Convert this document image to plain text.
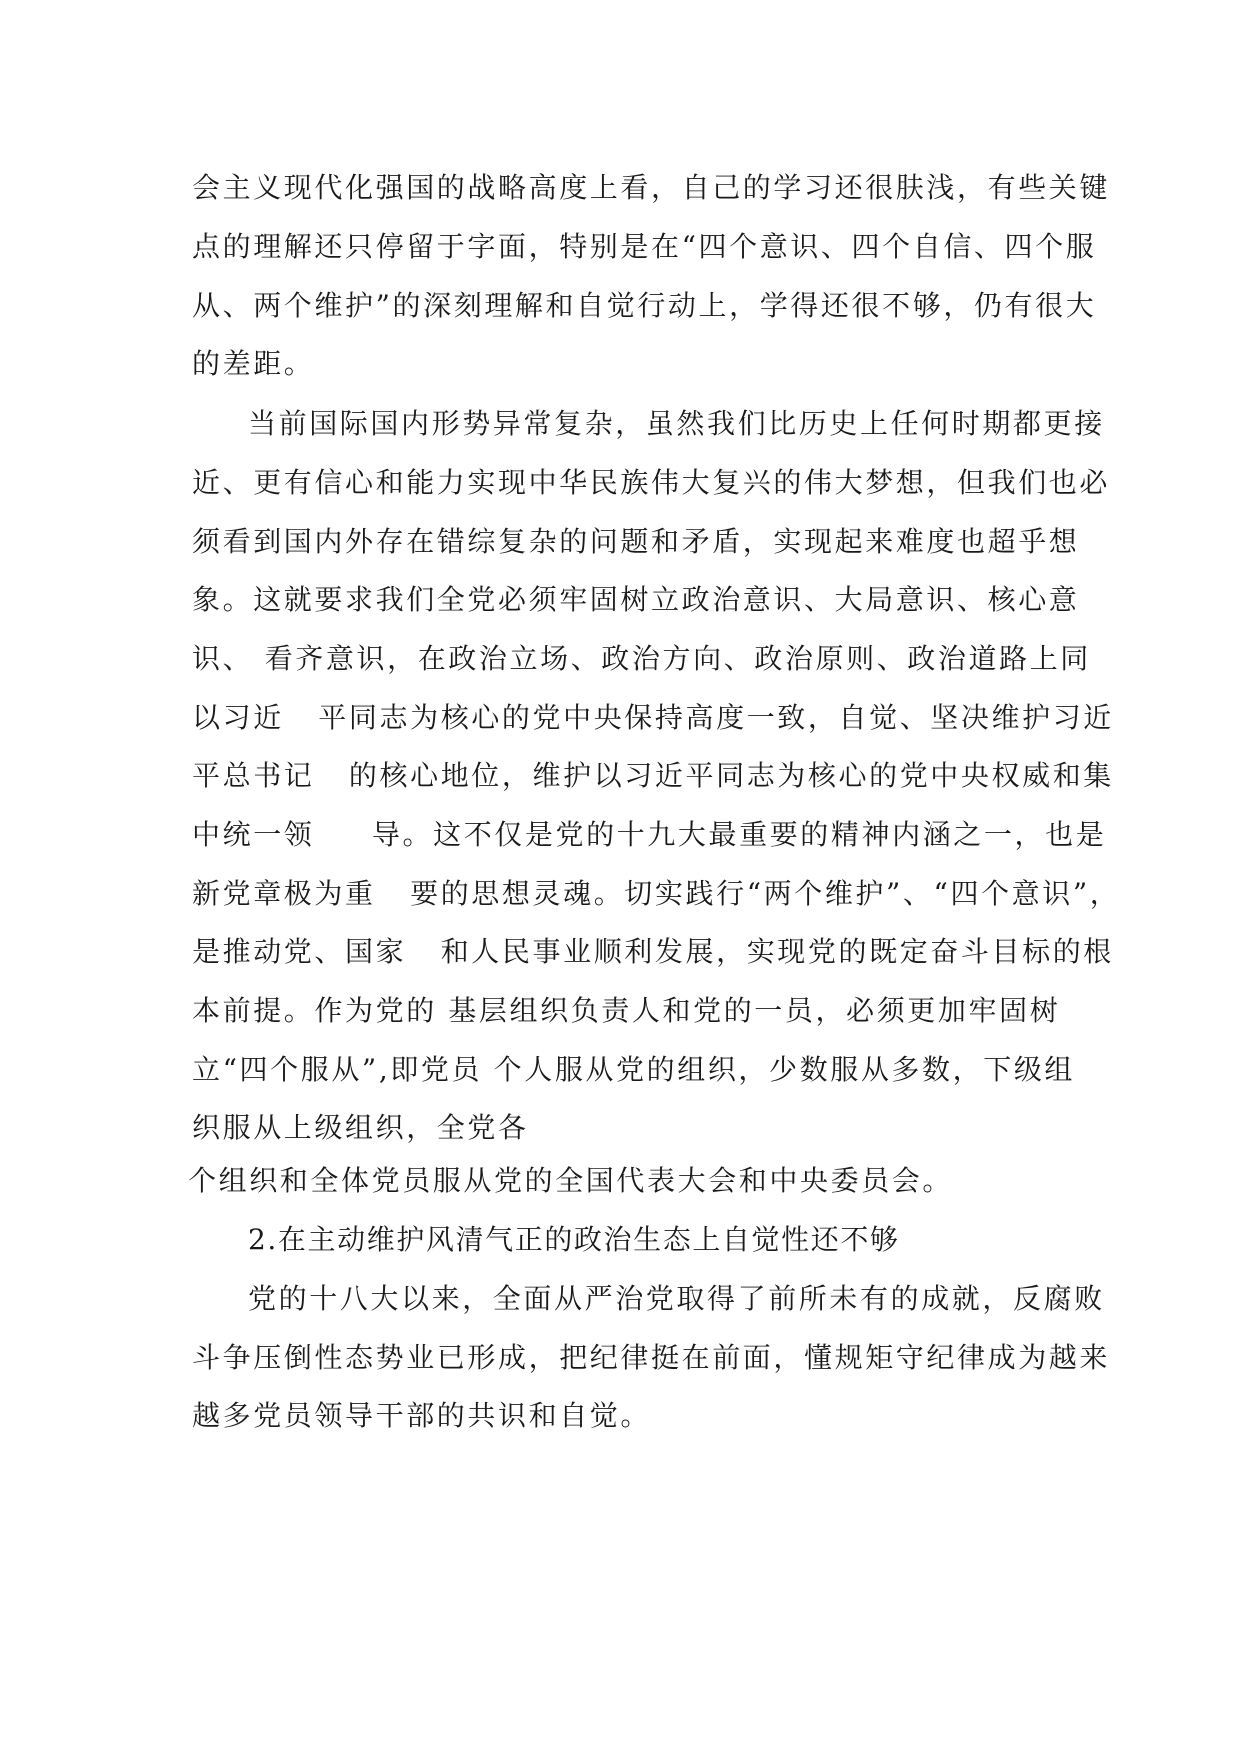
会主义现代化强国的战略高度上看，自己的学习还很肤浅，有些关键
点的理解还只停留于字面，特别是在“四个意识、四个自信、四个服
从、两个维护”的深刻理解和自觉行动上，学得还很不够，仍有很大
的差距。
当前国际国内形势异常复杂，虽然我们比历史上任何时期都更接
近、更有信心和能力实现中华民族伟大复兴的伟大梦想，但我们也必
须看到国内外存在错综复杂的问题和矛盾，实现起来难度也超乎想
象。这就要求我们全党必须牢固树立政治意识、大局意识、核心意
识、 看齐意识，在政治立场、政治方向、政治原则、政治道路上同
以习近   平同志为核心的党中央保持高度一致，自觉、坚决维护习近
平总书记   的核心地位，维护以习近平同志为核心的党中央权威和集
中统一领     导。这不仅是党的十九大最重要的精神内涵之一，也是
新党章极为重   要的思想灵魂。切实践行“两个维护”、“四个意识”，
是推动党、国家   和人民事业顺利发展，实现党的既定奋斗目标的根
本前提。作为党的 基层组织负责人和党的一员，必须更加牢固树
立“四个服从”,即党员 个人服从党的组织，少数服从多数，下级组
织服从上级组织，全党各
个组织和全体党员服从党的全国代表大会和中央委员会。
2.在主动维护风清气正的政治生态上自觉性还不够
党的十八大以来，全面从严治党取得了前所未有的成就，反腐败
斗争压倒性态势业已形成，把纪律挺在前面，懂规矩守纪律成为越来
越多党员领导干部的共识和自觉。
